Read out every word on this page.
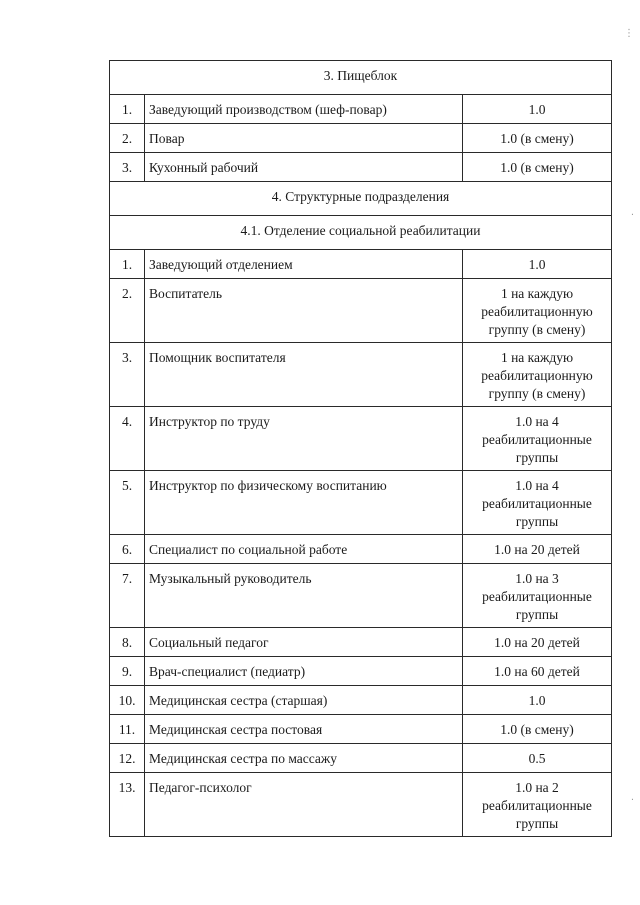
3. Пищеблок		
1.	Заведующий производством (шеф-повар)	1.0
2.	Повар	1.0 (в смену)
3.	Кухонный рабочий	1.0 (в смену)
4. Структурные подразделения		
4.1. Отделение социальной реабилитации		
1.	Заведующий отделением	1.0
2.	Воспитатель	1 на каждую реабилитационную группу (в смену)
3.	Помощник воспитателя	1 на каждую реабилитационную группу (в смену)
4.	Инструктор по труду	1.0 на 4 реабилитационные группы
5.	Инструктор по физическому воспитанию	1.0 на 4 реабилитационные группы
6.	Специалист по социальной работе	1.0 на 20 детей
7.	Музыкальный руководитель	1.0 на 3 реабилитационные группы
8.	Социальный педагог	1.0 на 20 детей
9.	Врач-специалист (педиатр)	1.0 на 60 детей
10.	Медицинская сестра (старшая)	1.0
11.	Медицинская сестра постовая	1.0 (в смену)
12.	Медицинская сестра по массажу	0.5
13.	Педагог-психолог	1.0 на 2 реабилитационные группы
⋮
·
·
